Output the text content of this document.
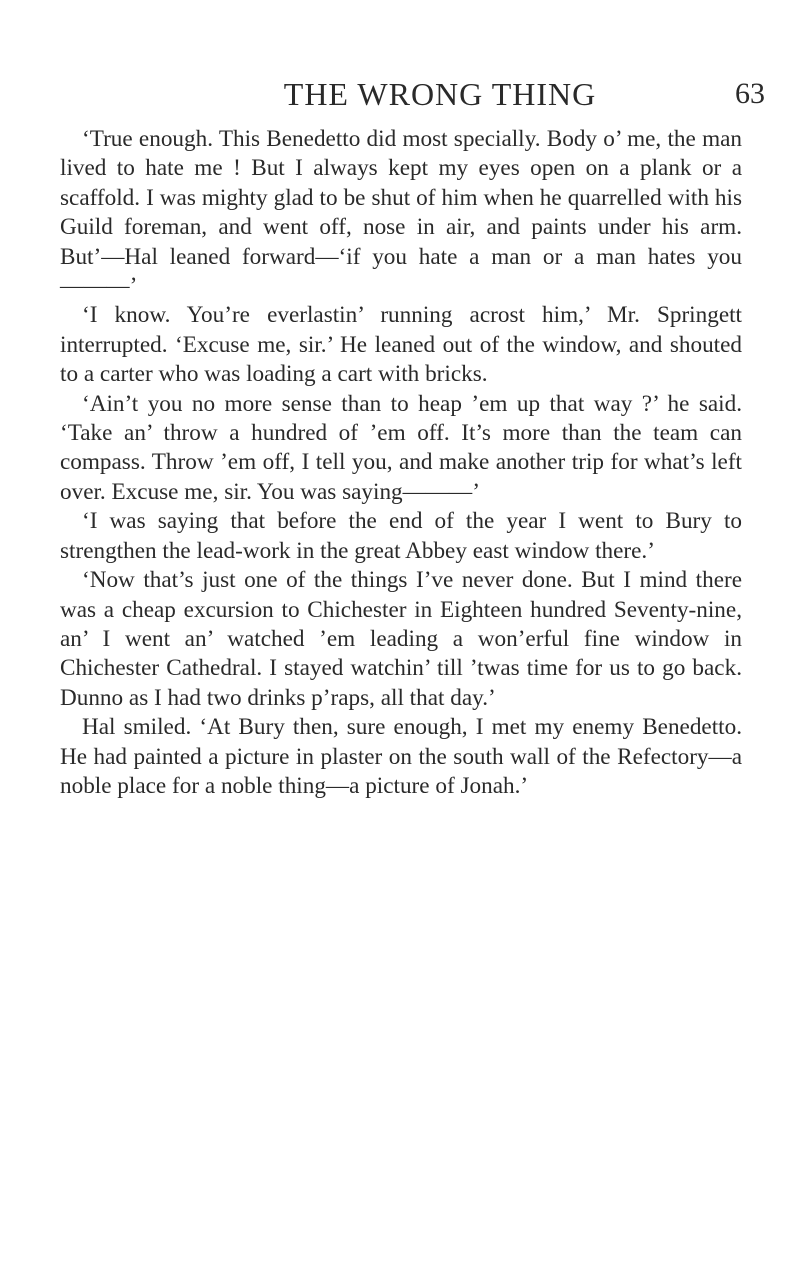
THE WRONG THING	63

‘True enough. This Benedetto did most specially. Body o’ me, the man lived to hate me ! But I always kept my eyes open on a plank or a scaffold. I was mighty glad to be shut of him when he quarrelled with his Guild foreman, and went off, nose in air, and paints under his arm. But’—Hal leaned forward—‘if you hate a man or a man hates you———’

‘I know. You’re everlastin’ running acrost him,’ Mr. Springett interrupted. ‘Excuse me, sir.’ He leaned out of the window, and shouted to a carter who was loading a cart with bricks.

‘Ain’t you no more sense than to heap ’em up that way ?’ he said. ‘Take an’ throw a hundred of ’em off. It’s more than the team can compass. Throw ’em off, I tell you, and make another trip for what’s left over. Excuse me, sir. You was saying———’

‘I was saying that before the end of the year I went to Bury to strengthen the lead-work in the great Abbey east window there.’

‘Now that’s just one of the things I’ve never done. But I mind there was a cheap excursion to Chichester in Eighteen hundred Seventy-nine, an’ I went an’ watched ’em leading a won’erful fine window in Chichester Cathedral. I stayed watchin’ till ’twas time for us to go back. Dunno as I had two drinks p’raps, all that day.’

Hal smiled. ‘At Bury then, sure enough, I met my enemy Benedetto. He had painted a picture in plaster on the south wall of the Refectory—a noble place for a noble thing—a picture of Jonah.’
